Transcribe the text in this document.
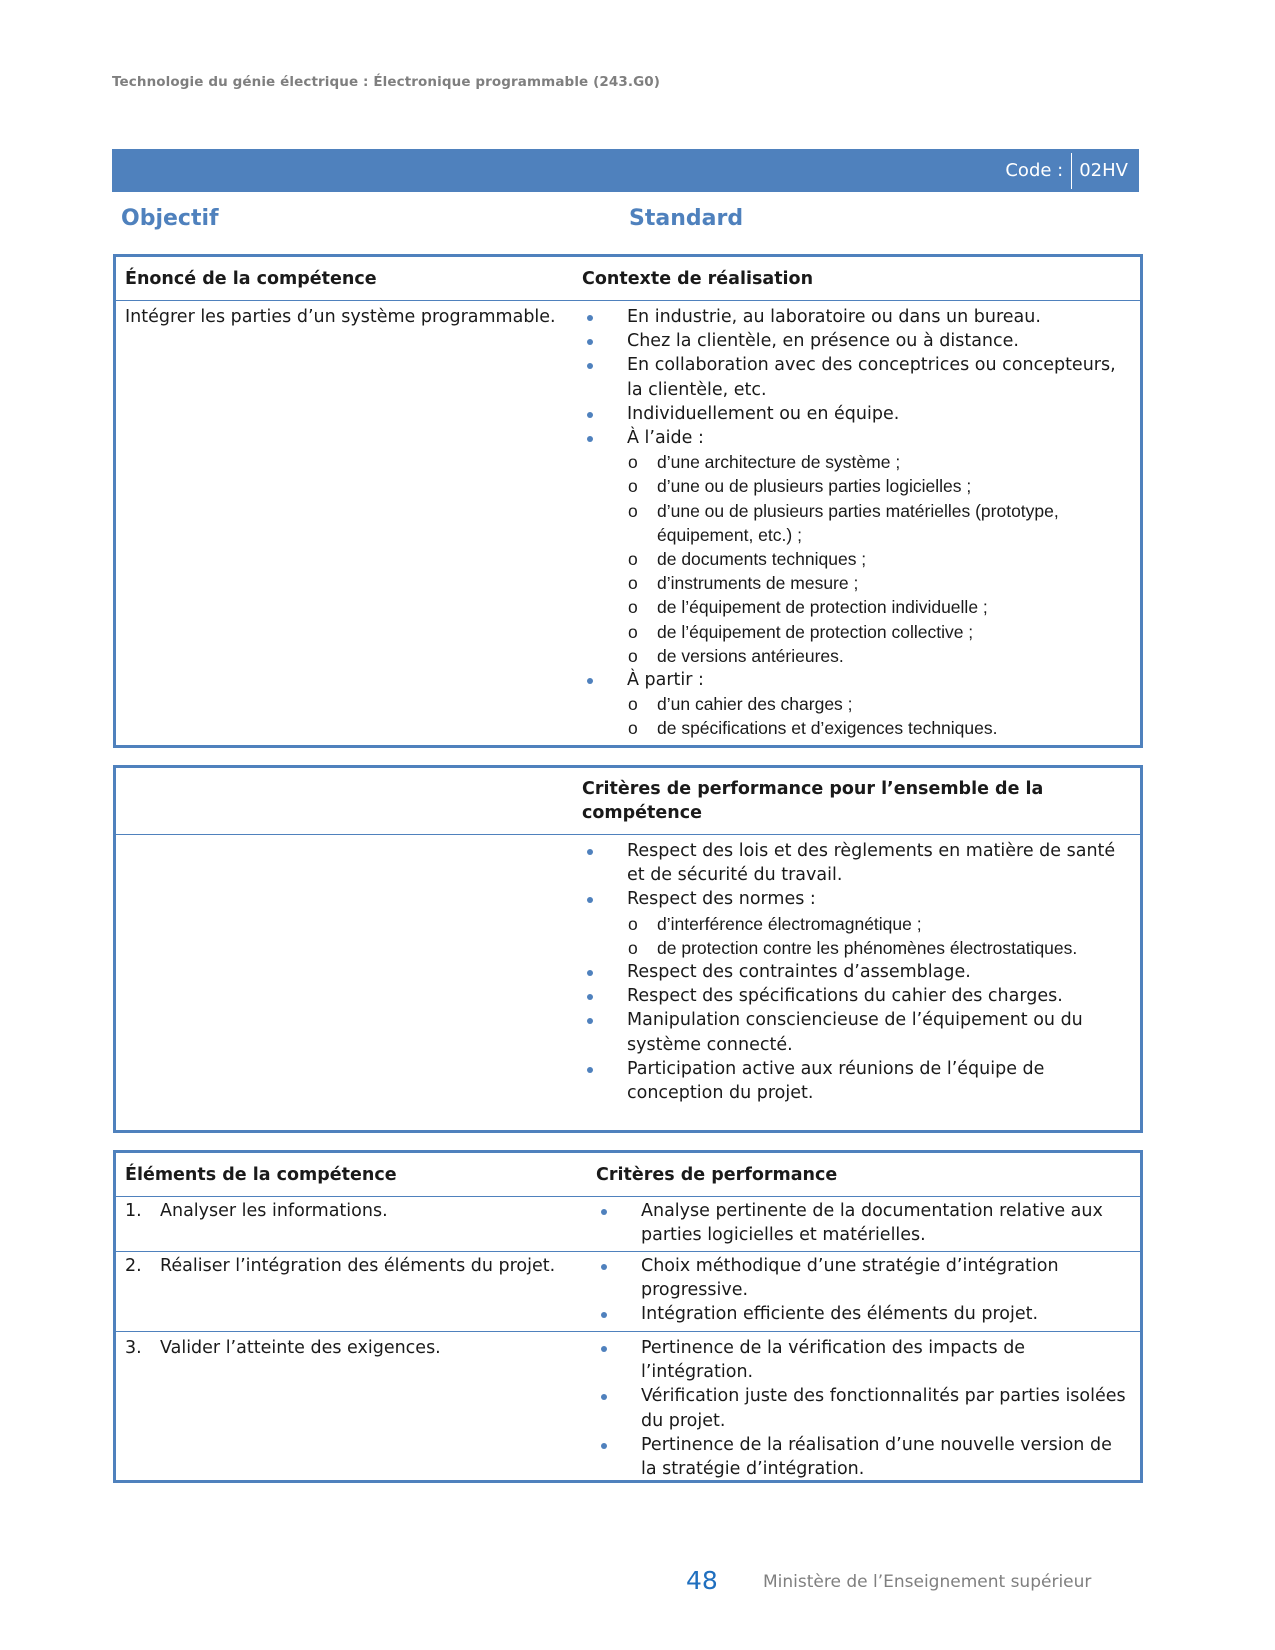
Technologie du génie électrique : Électronique programmable (243.G0)
Code : 02HV
Objectif	Standard
Énoncé de la compétence	Contexte de réalisation
Intégrer les parties d’un système programmable.	En industrie, au laboratoire ou dans un bureau.
Chez la clientèle, en présence ou à distance.
En collaboration avec des conceptrices ou concepteurs, la clientèle, etc.
Individuellement ou en équipe.
À l’aide :
o d’une architecture de système ;
o d’une ou de plusieurs parties logicielles ;
o d’une ou de plusieurs parties matérielles (prototype, équipement, etc.) ;
o de documents techniques ;
o d’instruments de mesure ;
o de l’équipement de protection individuelle ;
o de l’équipement de protection collective ;
o de versions antérieures.
À partir :
o d’un cahier des charges ;
o de spécifications et d’exigences techniques.
Critères de performance pour l’ensemble de la compétence
Respect des lois et des règlements en matière de santé et de sécurité du travail.
Respect des normes :
o d’interférence électromagnétique ;
o de protection contre les phénomènes électrostatiques.
Respect des contraintes d’assemblage.
Respect des spécifications du cahier des charges.
Manipulation consciencieuse de l’équipement ou du système connecté.
Participation active aux réunions de l’équipe de conception du projet.
Éléments de la compétence	Critères de performance
1. Analyser les informations.	Analyse pertinente de la documentation relative aux parties logicielles et matérielles.
2. Réaliser l’intégration des éléments du projet.	Choix méthodique d’une stratégie d’intégration progressive.
Intégration efficiente des éléments du projet.
3. Valider l’atteinte des exigences.	Pertinence de la vérification des impacts de l’intégration.
Vérification juste des fonctionnalités par parties isolées du projet.
Pertinence de la réalisation d’une nouvelle version de la stratégie d’intégration.
48	Ministère de l’Enseignement supérieur
